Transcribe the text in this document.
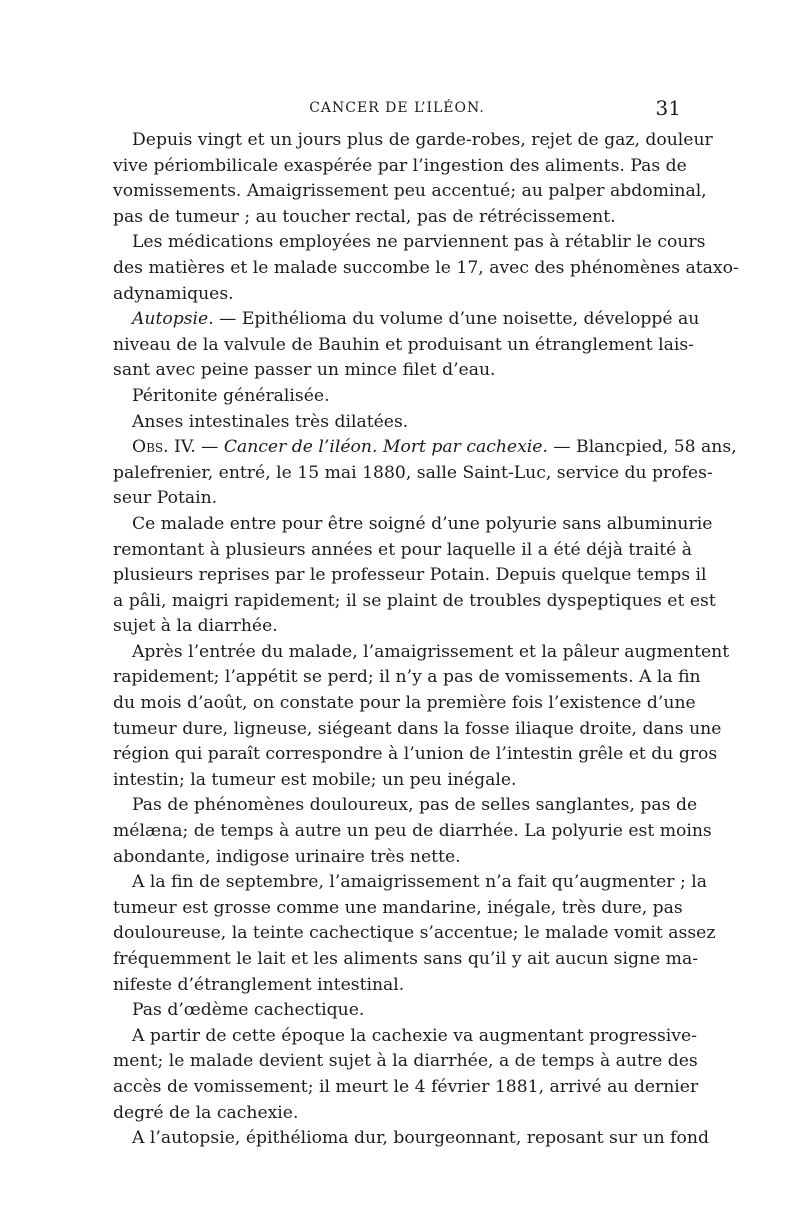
CANCER DE L’ILÉON.	31
Depuis vingt et un jours plus de garde-robes, rejet de gaz, douleur
vive périombilicale exaspérée par l’ingestion des aliments. Pas de
vomissements. Amaigrissement peu accentué; au palper abdominal,
pas de tumeur ; au toucher rectal, pas de rétrécissement.
Les médications employées ne parviennent pas à rétablir le cours
des matières et le malade succombe le 17, avec des phénomènes ataxo-
adynamiques.
Autopsie. — Epithélioma du volume d’une noisette, développé au
niveau de la valvule de Bauhin et produisant un étranglement lais-
sant avec peine passer un mince filet d’eau.
Péritonite généralisée.
Anses intestinales très dilatées.
Obs. IV. — Cancer de l’iléon. Mort par cachexie. — Blancpied, 58 ans,
palefrenier, entré, le 15 mai 1880, salle Saint-Luc, service du profes-
seur Potain.
Ce malade entre pour être soigné d’une polyurie sans albuminurie
remontant à plusieurs années et pour laquelle il a été déjà traité à
plusieurs reprises par le professeur Potain. Depuis quelque temps il
a pâli, maigri rapidement; il se plaint de troubles dyspeptiques et est
sujet à la diarrhée.
Après l’entrée du malade, l’amaigrissement et la pâleur augmentent
rapidement; l’appétit se perd; il n’y a pas de vomissements. A la fin
du mois d’août, on constate pour la première fois l’existence d’une
tumeur dure, ligneuse, siégeant dans la fosse iliaque droite, dans une
région qui paraît correspondre à l’union de l’intestin grêle et du gros
intestin; la tumeur est mobile; un peu inégale.
Pas de phénomènes douloureux, pas de selles sanglantes, pas de
mélæna; de temps à autre un peu de diarrhée. La polyurie est moins
abondante, indigose urinaire très nette.
A la fin de septembre, l’amaigrissement n’a fait qu’augmenter ; la
tumeur est grosse comme une mandarine, inégale, très dure, pas
douloureuse, la teinte cachectique s’accentue; le malade vomit assez
fréquemment le lait et les aliments sans qu’il y ait aucun signe ma-
nifeste d’étranglement intestinal.
Pas d’œdème cachectique.
A partir de cette époque la cachexie va augmentant progressive-
ment; le malade devient sujet à la diarrhée, a de temps à autre des
accès de vomissement; il meurt le 4 février 1881, arrivé au dernier
degré de la cachexie.
A l’autopsie, épithélioma dur, bourgeonnant, reposant sur un fond
